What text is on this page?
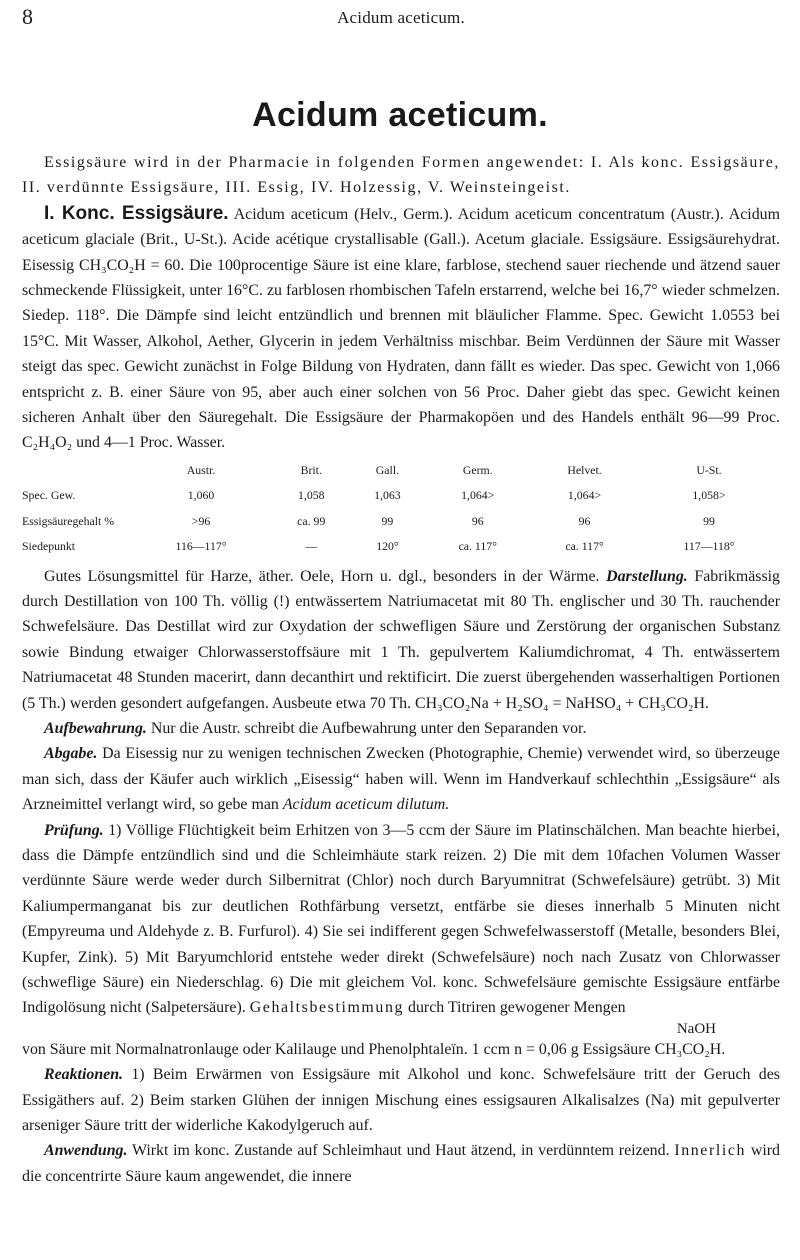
8	Acidum aceticum.
Acidum aceticum.

Essigsäure wird in der Pharmacie in folgenden Formen angewendet: I. Als konc. Essigsäure, II. verdünnte Essigsäure, III. Essig, IV. Holzessig, V. Weinsteingeist.

I. Konc. Essigsäure. Acidum aceticum (Helv., Germ.). Acidum aceticum concentratum (Austr.). Acidum aceticum glaciale (Brit., U-St.). Acide acétique crystallisable (Gall.). Acetum glaciale. Essigsäure. Essigsäurehydrat. Eisessig CH₃CO₂H = 60. Die 100procentige Säure ist eine klare, farblose, stechend sauer riechende und ätzend sauer schmeckende Flüssigkeit, unter 16°C. zu farblosen rhombischen Tafeln erstarrend, welche bei 16,7° wieder schmelzen. Siedep. 118°. Die Dämpfe sind leicht entzündlich und brennen mit bläulicher Flamme. Spec. Gewicht 1.0553 bei 15°C. Mit Wasser, Alkohol, Aether, Glycerin in jedem Verhältniss mischbar. Beim Verdünnen der Säure mit Wasser steigt das spec. Gewicht zunächst in Folge Bildung von Hydraten, dann fällt es wieder. Das spec. Gewicht von 1,066 entspricht z. B. einer Säure von 95, aber auch einer solchen von 56 Proc. Daher giebt das spec. Gewicht keinen sicheren Anhalt über den Säuregehalt. Die Essigsäure der Pharmakopöen und des Handels enthält 96—99 Proc. C₂H₄O₂ und 4—1 Proc. Wasser.

	Austr.	Brit.	Gall.	Germ.	Helvet.	U-St.
Spec. Gew.	1,060	1,058	1,063	1,064>	1,064>	1,058>
Essigsäuregehalt %	>96	ca. 99	99	96	96	99
Siedepunkt	116—117°	—	120°	ca. 117°	ca. 117°	117—118°

Gutes Lösungsmittel für Harze, äther. Oele, Horn u. dgl., besonders in der Wärme. Darstellung. Fabrikmässig durch Destillation von 100 Th. völlig (!) entwässertem Natriumacetat mit 80 Th. englischer und 30 Th. rauchender Schwefelsäure. Das Destillat wird zur Oxydation der schwefligen Säure und Zerstörung der organischen Substanz sowie Bindung etwaiger Chlorwasserstoffsäure mit 1 Th. gepulvertem Kaliumdichromat, 4 Th. entwässertem Natriumacetat 48 Stunden macerirt, dann decanthirt und rektificirt. Die zuerst übergehenden wasserhaltigen Portionen (5 Th.) werden gesondert aufgefangen. Ausbeute etwa 70 Th. CH₃CO₂Na + H₂SO₄ = NaHSO₄ + CH₃CO₂H.

Aufbewahrung. Nur die Austr. schreibt die Aufbewahrung unter den Separanden vor.

Abgabe. Da Eisessig nur zu wenigen technischen Zwecken (Photographie, Chemie) verwendet wird, so überzeuge man sich, dass der Käufer auch wirklich „Eisessig“ haben will. Wenn im Handverkauf schlechthin „Essigsäure“ als Arzneimittel verlangt wird, so gebe man Acidum aceticum dilutum.

Prüfung. 1) Völlige Flüchtigkeit beim Erhitzen von 3—5 ccm der Säure im Platinschälchen. Man beachte hierbei, dass die Dämpfe entzündlich sind und die Schleimhäute stark reizen. 2) Die mit dem 10fachen Volumen Wasser verdünnte Säure werde weder durch Silbernitrat (Chlor) noch durch Baryumnitrat (Schwefelsäure) getrübt. 3) Mit Kaliumpermanganat bis zur deutlichen Rothfärbung versetzt, entfärbe sie dieses innerhalb 5 Minuten nicht (Empyreuma und Aldehyde z. B. Furfurol). 4) Sie sei indifferent gegen Schwefelwasserstoff (Metalle, besonders Blei, Kupfer, Zink). 5) Mit Baryumchlorid entstehe weder direkt (Schwefelsäure) noch nach Zusatz von Chlorwasser (schweflige Säure) ein Niederschlag. 6) Die mit gleichem Vol. konc. Schwefelsäure gemischte Essigsäure entfärbe Indigolösung nicht (Salpetersäure). Gehaltsbestimmung durch Titriren gewogener Mengen

NaOH

von Säure mit Normalnatronlauge oder Kalilauge und Phenolphtaleïn. 1 ccm n = 0,06 g Essigsäure CH₃CO₂H.

Reaktionen. 1) Beim Erwärmen von Essigsäure mit Alkohol und konc. Schwefelsäure tritt der Geruch des Essigäthers auf. 2) Beim starken Glühen der innigen Mischung eines essigsauren Alkalisalzes (Na) mit gepulverter arseniger Säure tritt der widerliche Kakodylgeruch auf.

Anwendung. Wirkt im konc. Zustande auf Schleimhaut und Haut ätzend, in verdünntem reizend. Innerlich wird die concentrirte Säure kaum angewendet, die innere
